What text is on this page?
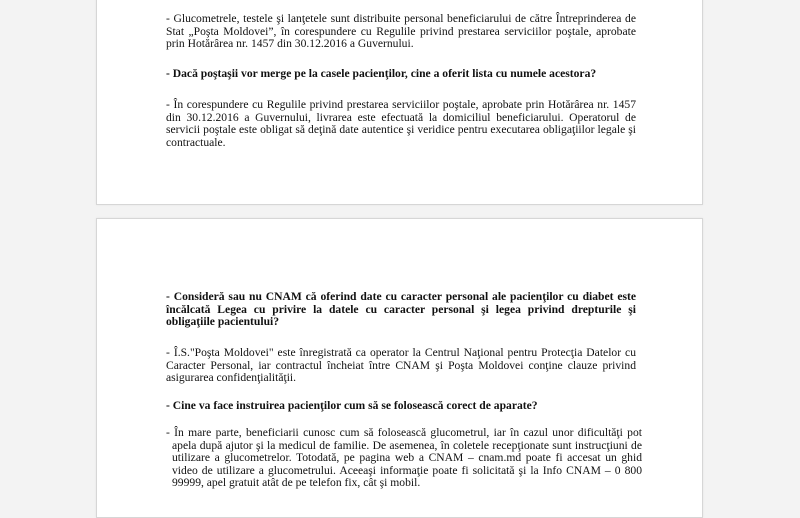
- Glucometrele, testele şi lanţetele sunt distribuite personal beneficiarului de către Întreprinderea de Stat „Poşta Moldovei”, în corespundere cu Regulile privind prestarea serviciilor poştale, aprobate prin Hotărârea nr. 1457 din 30.12.2016 a Guvernului.

- Dacă poştaşii vor merge pe la casele pacienţilor, cine a oferit lista cu numele acestora?

- În corespundere cu Regulile privind prestarea serviciilor poştale, aprobate prin Hotărârea nr. 1457 din 30.12.2016 a Guvernului, livrarea este efectuată la domiciliul beneficiarului. Operatorul de servicii poştale este obligat să deţină date autentice şi veridice pentru executarea obligaţiilor legale şi contractuale.

- Consideră sau nu CNAM că oferind date cu caracter personal ale pacienţilor cu diabet este încălcată Legea cu privire la datele cu caracter personal şi legea privind drepturile şi obligaţiile pacientului?

- Î.S."Poşta Moldovei" este înregistrată ca operator la Centrul Naţional pentru Protecţia Datelor cu Caracter Personal, iar contractul încheiat între CNAM şi Poşta Moldovei conţine clauze privind asigurarea confidenţialităţii.

- Cine va face instruirea pacienţilor cum să se folosească corect de aparate?

- În mare parte, beneficiarii cunosc cum să folosească glucometrul, iar în cazul unor dificultăţi pot apela după ajutor şi la medicul de familie. De asemenea, în coletele recepţionate sunt instrucţiuni de utilizare a glucometrelor. Totodată, pe pagina web a CNAM – cnam.md poate fi accesat un ghid video de utilizare a glucometrului. Aceeaşi informaţie poate fi solicitată şi la Info CNAM – 0 800 99999, apel gratuit atât de pe telefon fix, cât şi mobil.
